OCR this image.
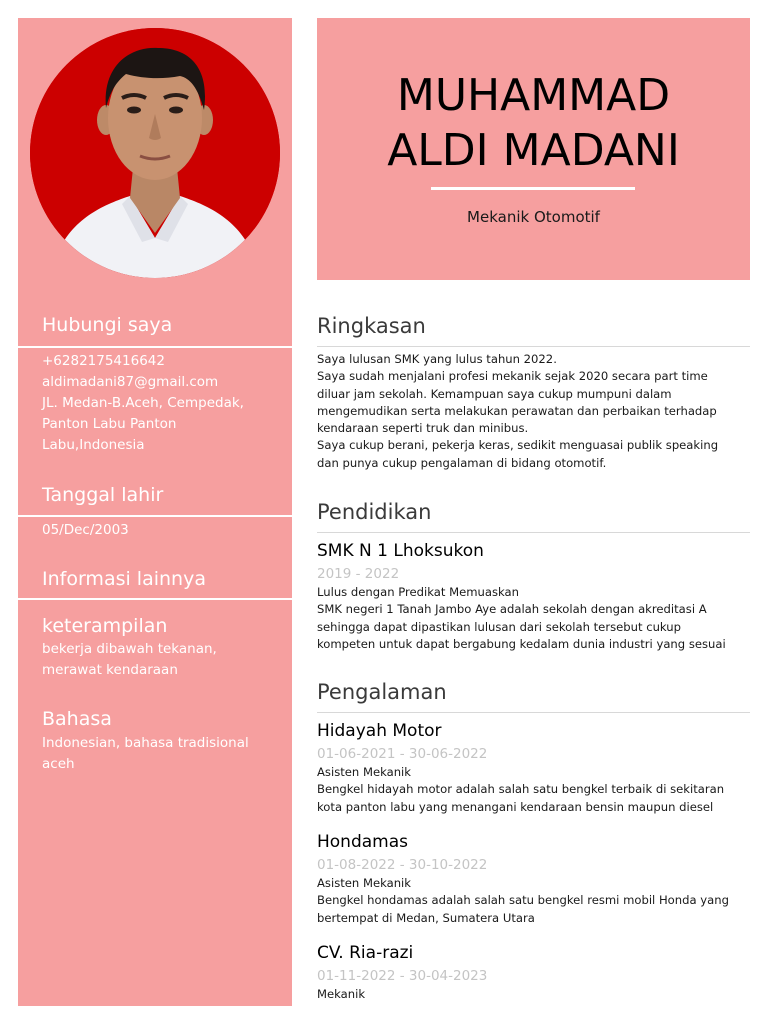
Hubungi saya
+6282175416642
aldimadani87@gmail.com
JL. Medan-B.Aceh, Cempedak,
Panton Labu Panton
Labu,Indonesia
Tanggal lahir
05/Dec/2003
Informasi lainnya
keterampilan
bekerja dibawah tekanan,
merawat kendaraan
Bahasa
Indonesian, bahasa tradisional
aceh
MUHAMMAD
ALDI MADANI
Mekanik Otomotif
Ringkasan
Saya lulusan SMK yang lulus tahun 2022.
Saya sudah menjalani profesi mekanik sejak 2020 secara part time
diluar jam sekolah. Kemampuan saya cukup mumpuni dalam
mengemudikan serta melakukan perawatan dan perbaikan terhadap
kendaraan seperti truk dan minibus.
Saya cukup berani, pekerja keras, sedikit menguasai publik speaking
dan punya cukup pengalaman di bidang otomotif.
Pendidikan
SMK N 1 Lhoksukon
2019 - 2022
Lulus dengan Predikat Memuaskan
SMK negeri 1 Tanah Jambo Aye adalah sekolah dengan akreditasi A
sehingga dapat dipastikan lulusan dari sekolah tersebut cukup
kompeten untuk dapat bergabung kedalam dunia industri yang sesuai
Pengalaman
Hidayah Motor
01-06-2021 - 30-06-2022
Asisten Mekanik
Bengkel hidayah motor adalah salah satu bengkel terbaik di sekitaran
kota panton labu yang menangani kendaraan bensin maupun diesel
Hondamas
01-08-2022 - 30-10-2022
Asisten Mekanik
Bengkel hondamas adalah salah satu bengkel resmi mobil Honda yang
bertempat di Medan, Sumatera Utara
CV. Ria-razi
01-11-2022 - 30-04-2023
Mekanik
